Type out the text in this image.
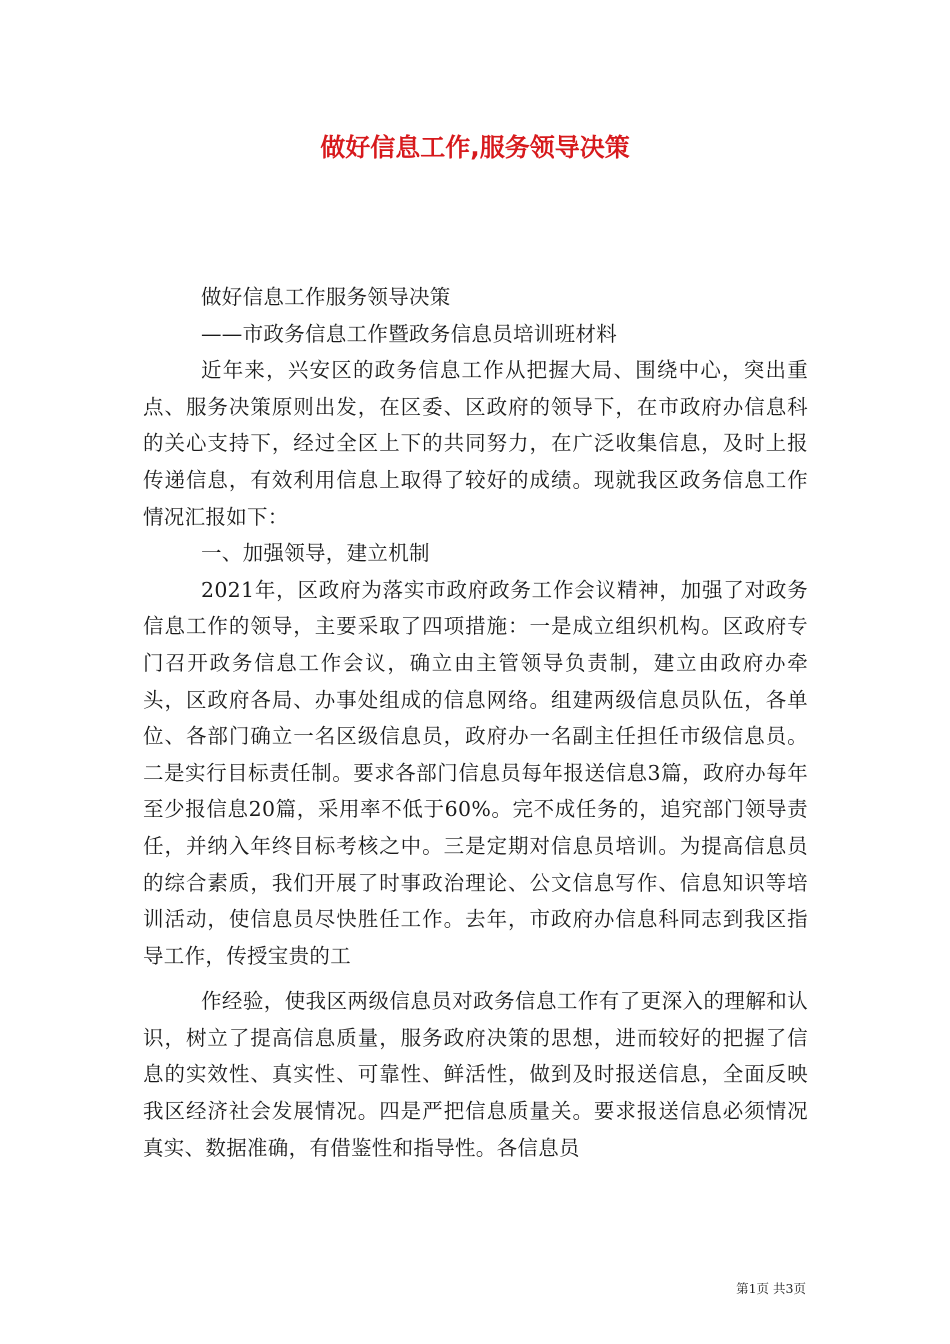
做好信息工作,服务领导决策

做好信息工作服务领导决策

——市政务信息工作暨政务信息员培训班材料

近年来，兴安区的政务信息工作从把握大局、围绕中心，突出重点、服务决策原则出发，在区委、区政府的领导下，在市政府办信息科的关心支持下，经过全区上下的共同努力，在广泛收集信息，及时上报传递信息，有效利用信息上取得了较好的成绩。现就我区政务信息工作情况汇报如下：

一、加强领导，建立机制

2021年，区政府为落实市政府政务工作会议精神，加强了对政务信息工作的领导，主要采取了四项措施：一是成立组织机构。区政府专门召开政务信息工作会议，确立由主管领导负责制，建立由政府办牵头，区政府各局、办事处组成的信息网络。组建两级信息员队伍，各单位、各部门确立一名区级信息员，政府办一名副主任担任市级信息员。二是实行目标责任制。要求各部门信息员每年报送信息3篇，政府办每年至少报信息20篇，采用率不低于60%。完不成任务的，追究部门领导责任，并纳入年终目标考核之中。三是定期对信息员培训。为提高信息员的综合素质，我们开展了时事政治理论、公文信息写作、信息知识等培训活动，使信息员尽快胜任工作。去年，市政府办信息科同志到我区指导工作，传授宝贵的工

作经验，使我区两级信息员对政务信息工作有了更深入的理解和认识，树立了提高信息质量，服务政府决策的思想，进而较好的把握了信息的实效性、真实性、可靠性、鲜活性，做到及时报送信息，全面反映我区经济社会发展情况。四是严把信息质量关。要求报送信息必须情况真实、数据准确，有借鉴性和指导性。各信息员

第1页 共3页
